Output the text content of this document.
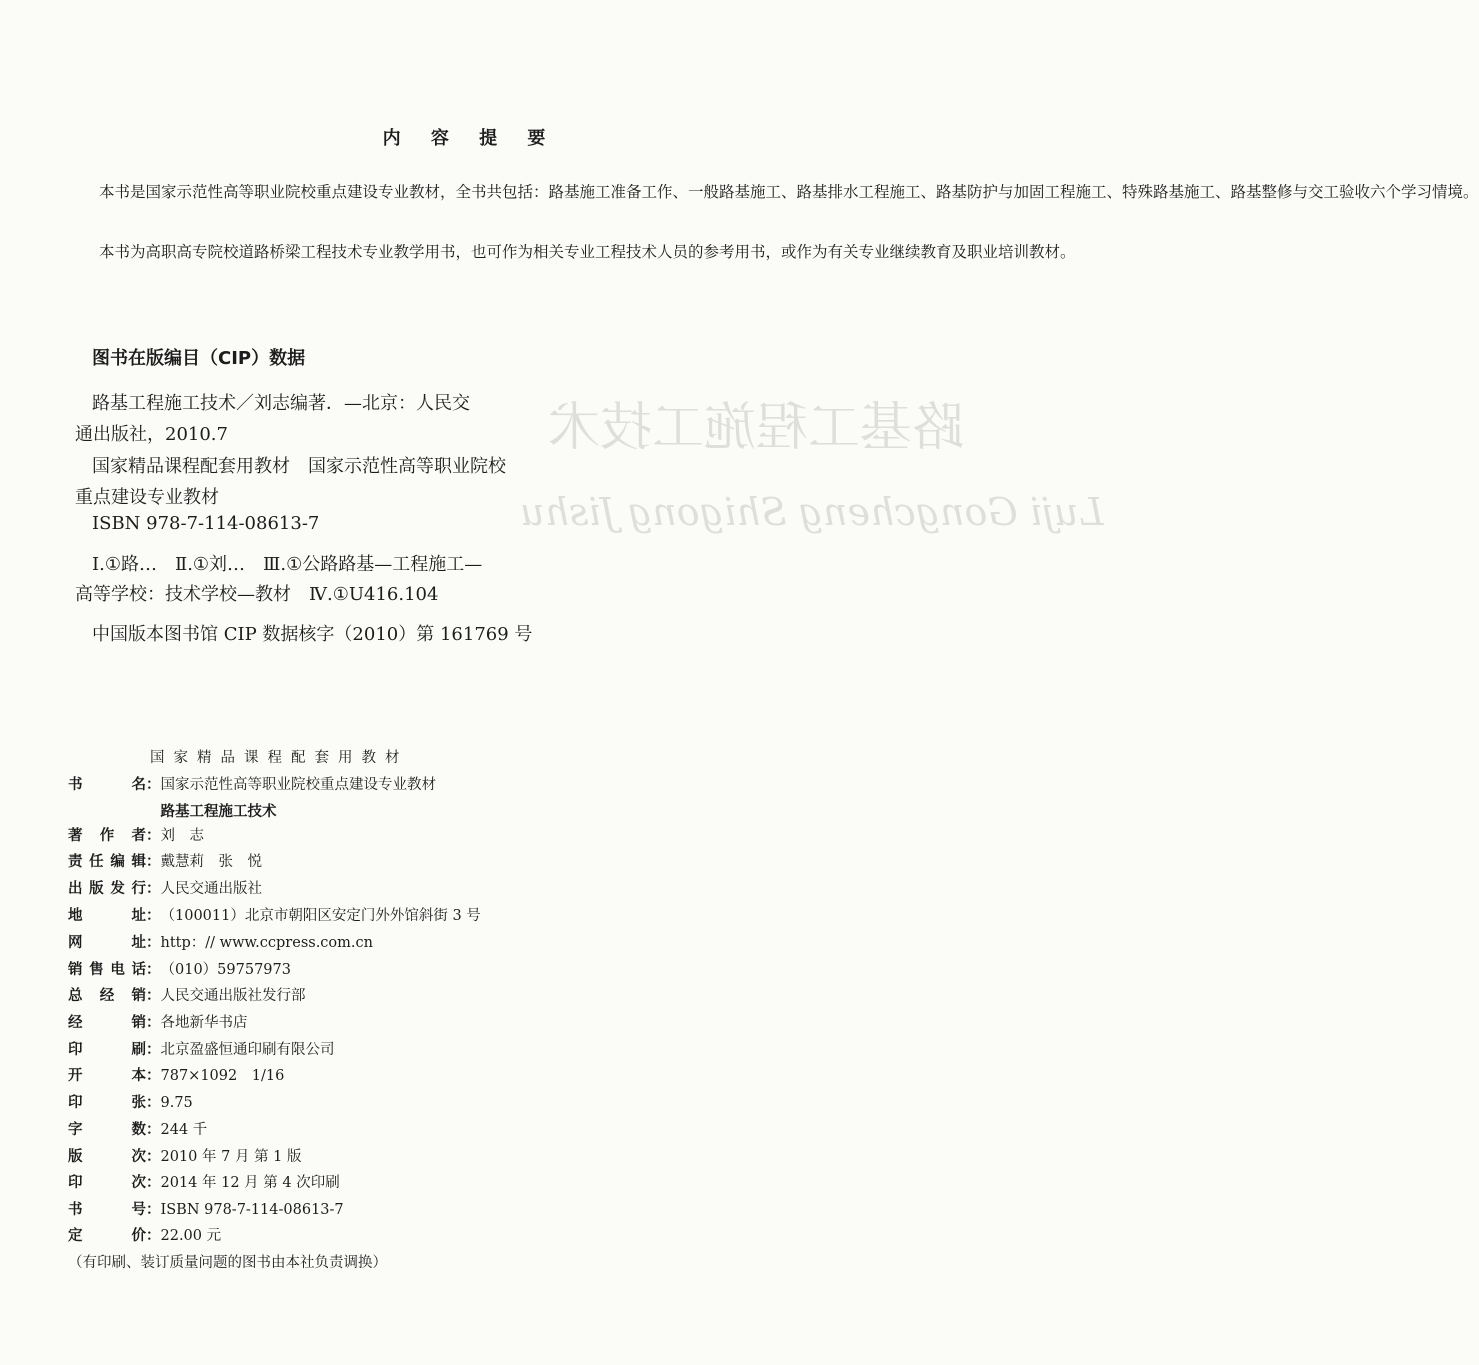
路基工程施工技术
Luji Gongcheng Shigong Jishu
内 容 提 要

本书是国家示范性高等职业院校重点建设专业教材，全书共包括：路基施工准备工作、一般路基施工、路基排水工程施工、路基防护与加固工程施工、特殊路基施工、路基整修与交工验收六个学习情境。

本书为高职高专院校道路桥梁工程技术专业教学用书，也可作为相关专业工程技术人员的参考用书，或作为有关专业继续教育及职业培训教材。

图书在版编目（CIP）数据
路基工程施工技术／刘志编著．—北京：人民交
通出版社，2010.7
国家精品课程配套用教材　国家示范性高等职业院校
重点建设专业教材
ISBN 978-7-114-08613-7
Ⅰ.①路…　Ⅱ.①刘…　Ⅲ.①公路路基—工程施工—
高等学校：技术学校—教材　Ⅳ.①U416.104
中国版本图书馆 CIP 数据核字（2010）第 161769 号
国家精品课程配套用教材
书名：国家示范性高等职业院校重点建设专业教材
　路基工程施工技术
著作者：刘　志
责任编辑：戴慧莉　张　悦
出版发行：人民交通出版社
地址：（100011）北京市朝阳区安定门外外馆斜街 3 号
网址：http：// www.ccpress.com.cn
销售电话：（010）59757973
总经销：人民交通出版社发行部
经销：各地新华书店
印刷：北京盈盛恒通印刷有限公司
开本：787×1092　1/16
印张：9.75
字数：244 千
版次：2010 年 7 月 第 1 版
印次：2014 年 12 月 第 4 次印刷
书号：ISBN 978-7-114-08613-7
定价：22.00 元
（有印刷、装订质量问题的图书由本社负责调换）
